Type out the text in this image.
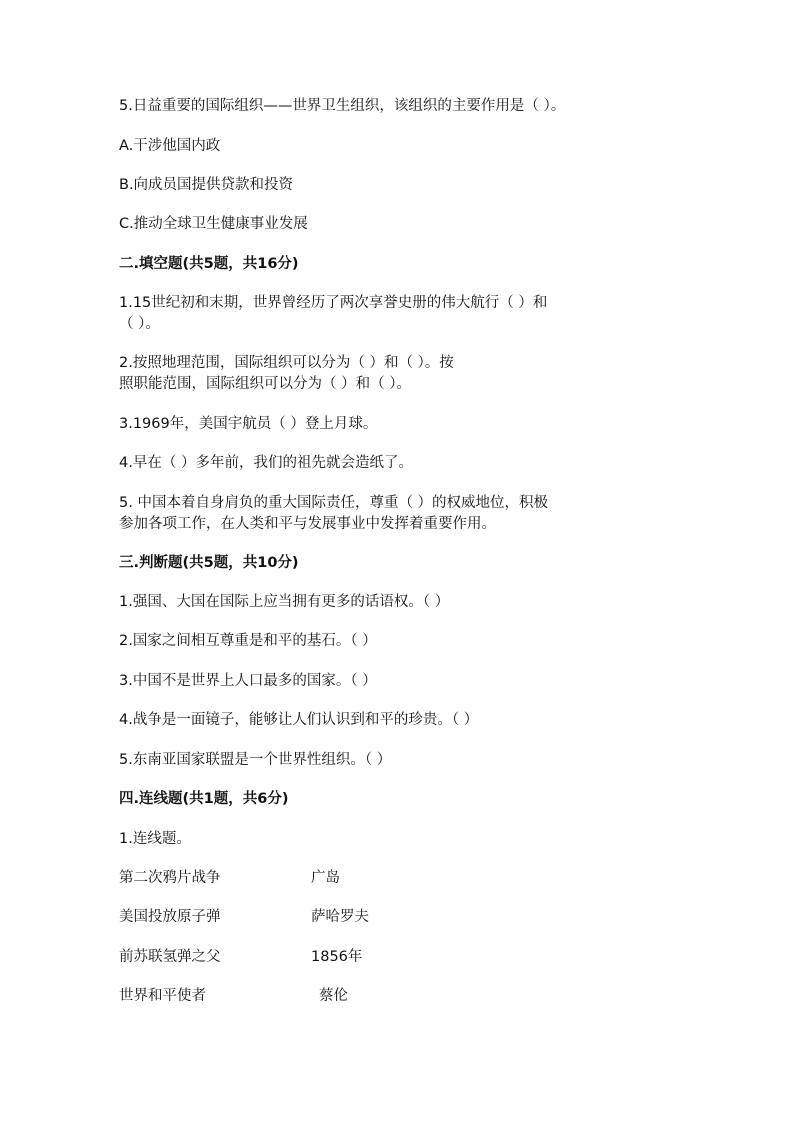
5.日益重要的国际组织——世界卫生组织，该组织的主要作用是（ ）。
A.干涉他国内政
B.向成员国提供贷款和投资
C.推动全球卫生健康事业发展
二.填空题(共5题，共16分)
1.15世纪初和末期，世界曾经历了两次享誉史册的伟大航行（ ）和
（ ）。
2.按照地理范围，国际组织可以分为（ ）和（ ）。按
照职能范围，国际组织可以分为（ ）和（ ）。
3.1969年，美国宇航员（ ）登上月球。
4.早在（ ）多年前，我们的祖先就会造纸了。
5. 中国本着自身肩负的重大国际责任，尊重（ ）的权威地位，积极
参加各项工作，在人类和平与发展事业中发挥着重要作用。
三.判断题(共5题，共10分)
1.强国、大国在国际上应当拥有更多的话语权。（ ）
2.国家之间相互尊重是和平的基石。（ ）
3.中国不是世界上人口最多的国家。（ ）
4.战争是一面镜子，能够让人们认识到和平的珍贵。（ ）
5.东南亚国家联盟是一个世界性组织。（ ）
四.连线题(共1题，共6分)
1.连线题。
第二次鸦片战争	广岛
美国投放原子弹	萨哈罗夫
前苏联氢弹之父	1856年
世界和平使者	蔡伦
